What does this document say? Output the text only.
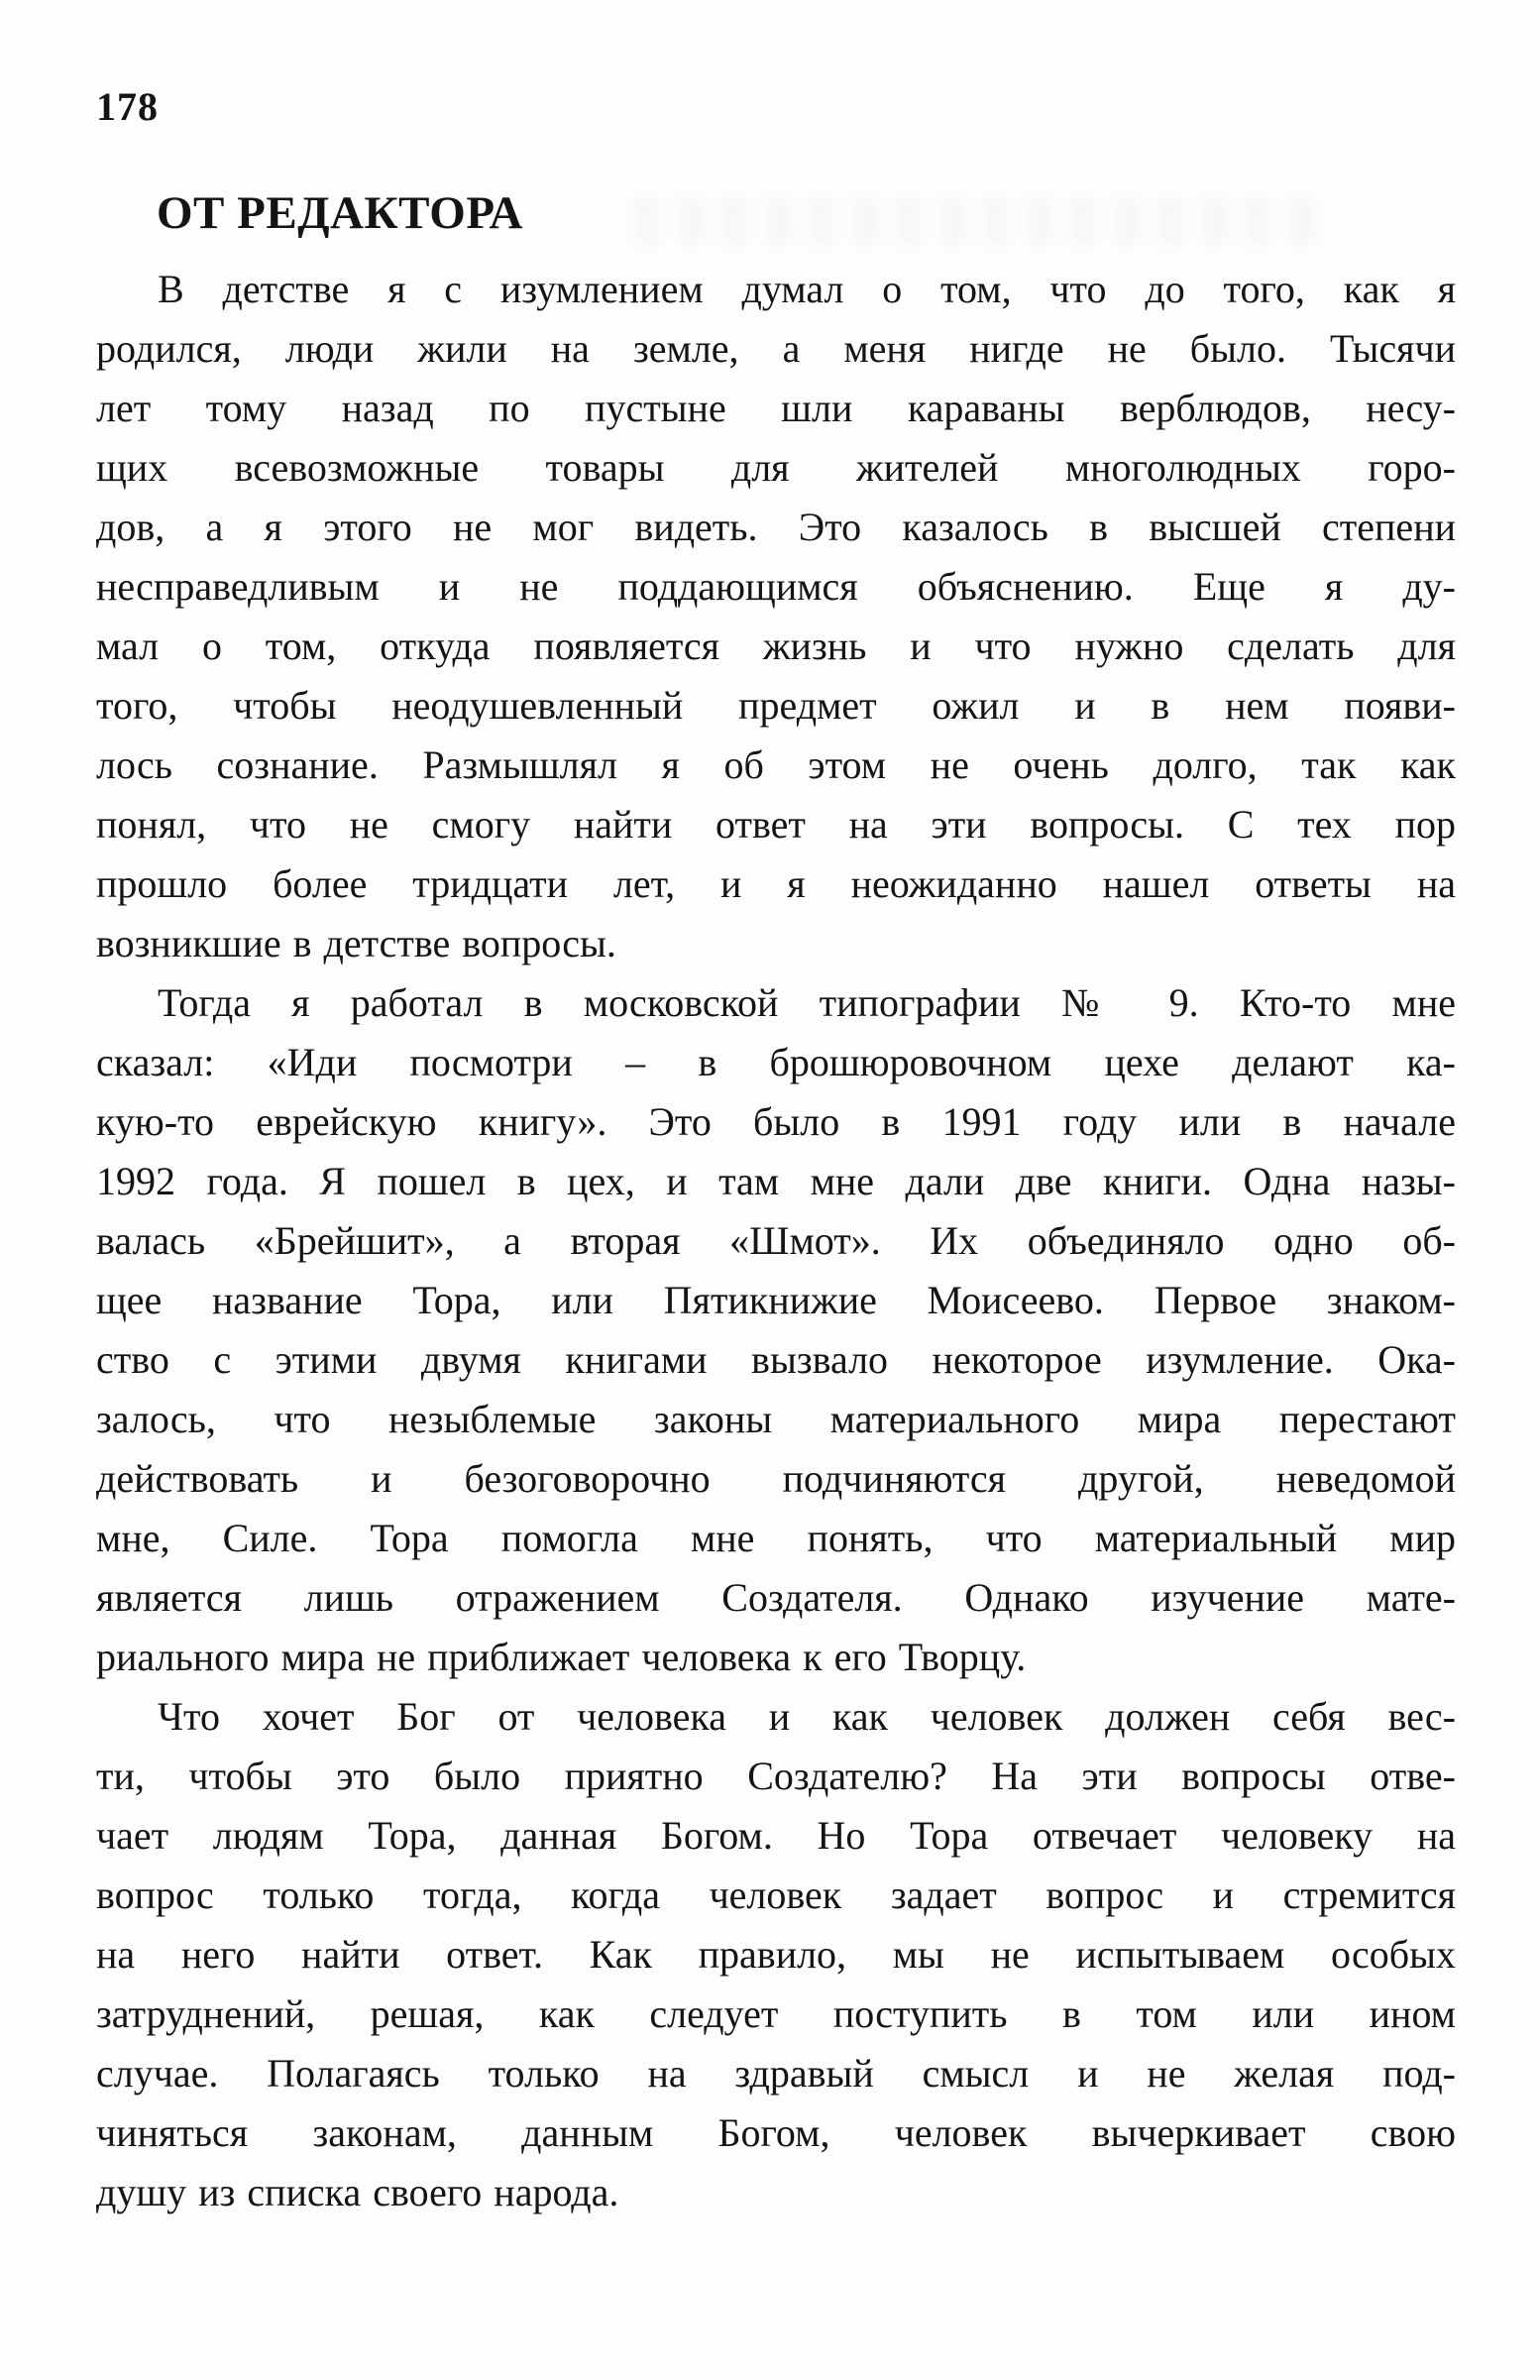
178
ОТ РЕДАКТОРА
В детстве я с изумлением думал о том, что до того, как я
родился, люди жили на земле, а меня нигде не было. Тысячи
лет тому назад по пустыне шли караваны верблюдов, несу-
щих всевозможные товары для жителей многолюдных горо-
дов, а я этого не мог видеть. Это казалось в высшей степени
несправедливым и не поддающимся объяснению. Еще я ду-
мал о том, откуда появляется жизнь и что нужно сделать для
того, чтобы неодушевленный предмет ожил и в нем появи-
лось сознание. Размышлял я об этом не очень долго, так как
понял, что не смогу найти ответ на эти вопросы. С тех пор
прошло более тридцати лет, и я неожиданно нашел ответы на
возникшие в детстве вопросы.
Тогда я работал в московской типографии № 9. Кто-то мне
сказал: «Иди посмотри – в брошюровочном цехе делают ка-
кую-то еврейскую книгу». Это было в 1991 году или в начале
1992 года. Я пошел в цех, и там мне дали две книги. Одна назы-
валась «Брейшит», а вторая «Шмот». Их объединяло одно об-
щее название Тора, или Пятикнижие Моисеево. Первое знаком-
ство с этими двумя книгами вызвало некоторое изумление. Ока-
залось, что незыблемые законы материального мира перестают
действовать и безоговорочно подчиняются другой, неведомой
мне, Силе. Тора помогла мне понять, что материальный мир
является лишь отражением Создателя. Однако изучение мате-
риального мира не приближает человека к его Творцу.
Что хочет Бог от человека и как человек должен себя вес-
ти, чтобы это было приятно Создателю? На эти вопросы отве-
чает людям Тора, данная Богом. Но Тора отвечает человеку на
вопрос только тогда, когда человек задает вопрос и стремится
на него найти ответ. Как правило, мы не испытываем особых
затруднений, решая, как следует поступить в том или ином
случае. Полагаясь только на здравый смысл и не желая под-
чиняться законам, данным Богом, человек вычеркивает свою
душу из списка своего народа.
